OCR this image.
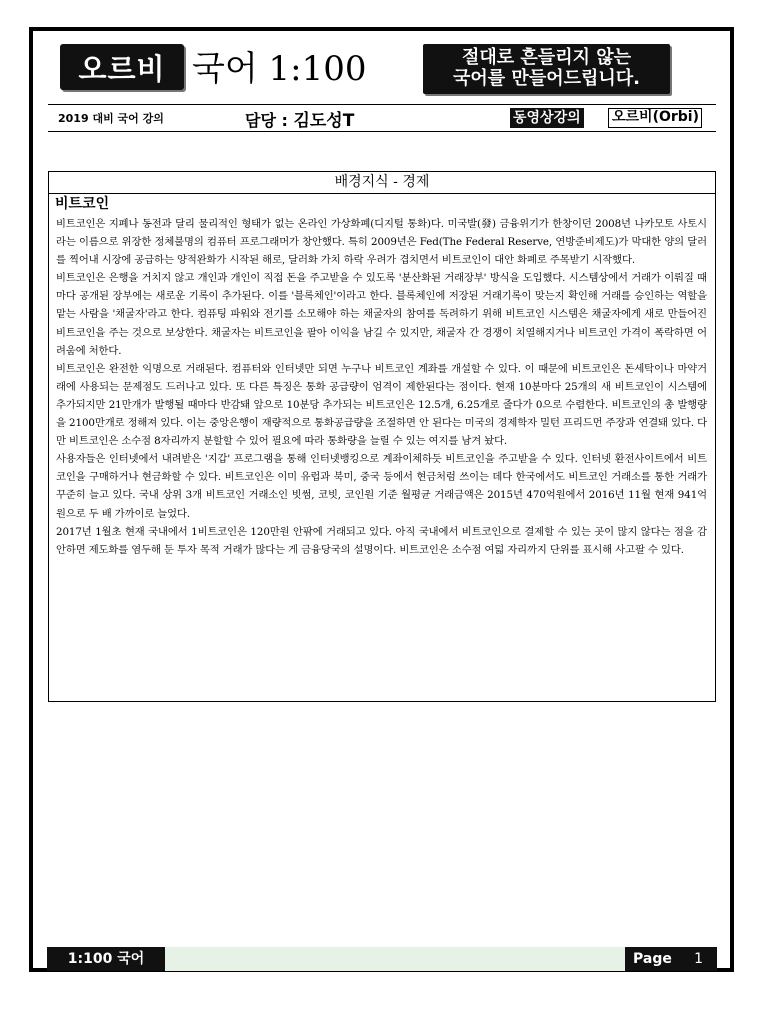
오르비 국어 1:100	절대로 흔들리지 않는
국어를 만들어드립니다.
2019 대비 국어 강의	담당 : 김도성T	동영상강의 오르비(Orbi)
배경지식 - 경제
비트코인

비트코인은 지폐나 동전과 달리 물리적인 형태가 없는 온라인 가상화폐(디지털 통화)다. 미국발(發) 금융위기가 한창이던 2008년 나카모토 사토시라는 이름으로 위장한 정체불명의 컴퓨터 프로그래머가 창안했다. 특히 2009년은 Fed(The Federal Reserve, 연방준비제도)가 막대한 양의 달러를 찍어내 시장에 공급하는 양적완화가 시작된 해로, 달러화 가치 하락 우려가 겹치면서 비트코인이 대안 화폐로 주목받기 시작했다.

비트코인은 은행을 거치지 않고 개인과 개인이 직접 돈을 주고받을 수 있도록 '분산화된 거래장부' 방식을 도입했다. 시스템상에서 거래가 이뤄질 때마다 공개된 장부에는 새로운 기록이 추가된다. 이를 '블록체인'이라고 한다. 블록체인에 저장된 거래기록이 맞는지 확인해 거래를 승인하는 역할을 맡는 사람을 '채굴자'라고 한다. 컴퓨팅 파워와 전기를 소모해야 하는 채굴자의 참여를 독려하기 위해 비트코인 시스템은 채굴자에게 새로 만들어진 비트코인을 주는 것으로 보상한다. 채굴자는 비트코인을 팔아 이익을 남길 수 있지만, 채굴자 간 경쟁이 치열해지거나 비트코인 가격이 폭락하면 어려움에 처한다.

비트코인은 완전한 익명으로 거래된다. 컴퓨터와 인터넷만 되면 누구나 비트코인 계좌를 개설할 수 있다. 이 때문에 비트코인은 돈세탁이나 마약거래에 사용되는 문제점도 드러나고 있다. 또 다른 특징은 통화 공급량이 엄격이 제한된다는 점이다. 현재 10분마다 25개의 새 비트코인이 시스템에 추가되지만 21만개가 발행될 때마다 반감돼 앞으로 10분당 추가되는 비트코인은 12.5개, 6.25개로 줄다가 0으로 수렴한다. 비트코인의 총 발행량을 2100만개로 정해져 있다. 이는 중앙은행이 재량적으로 통화공급량을 조절하면 안 된다는 미국의 경제학자 밀턴 프리드먼 주장과 연결돼 있다. 다만 비트코인은 소수점 8자리까지 분할할 수 있어 필요에 따라 통화량을 늘릴 수 있는 여지를 남겨 놨다.

사용자들은 인터넷에서 내려받은 '지갑' 프로그램을 통해 인터넷뱅킹으로 계좌이체하듯 비트코인을 주고받을 수 있다. 인터넷 환전사이트에서 비트코인을 구매하거나 현금화할 수 있다. 비트코인은 이미 유럽과 북미, 중국 등에서 현금처럼 쓰이는 데다 한국에서도 비트코인 거래소를 통한 거래가 꾸준히 늘고 있다. 국내 상위 3개 비트코인 거래소인 빗썸, 코빗, 코인원 기준 월평균 거래금액은 2015년 470억원에서 2016년 11월 현재 941억원으로 두 배 가까이로 늘었다.

2017년 1월초 현재 국내에서 1비트코인은 120만원 안팎에 거래되고 있다. 아직 국내에서 비트코인으로 결제할 수 있는 곳이 많지 않다는 점을 감안하면 제도화를 염두해 둔 투자 목적 거래가 많다는 게 금융당국의 설명이다. 비트코인은 소수점 여덟 자리까지 단위를 표시해 사고팔 수 있다.

1:100 국어	Page 1
